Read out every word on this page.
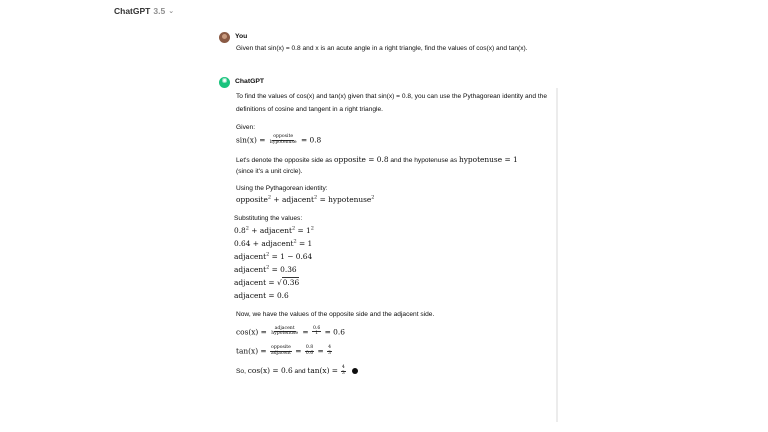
ChatGPT 3.5 ⌄
You
Given that sin(x) = 0.8 and x is an acute angle in a right triangle, find the values of cos(x) and tan(x).
✺	ChatGPT

To find the values of cos(x) and tan(x) given that sin(x) = 0.8, you can use the Pythagorean identity and the definitions of cosine and tangent in a right triangle.

Given:

$\sin(x) = \frac{\text{opposite}}{\text{hypotenuse}} = 0.8$

Let's denote the opposite side as opposite = 0.8 and the hypotenuse as hypotenuse = 1
(since it's a unit circle).

Using the Pythagorean identity:

opposite$^2$ + adjacent$^2$ = hypotenuse$^2$

Substituting the values:

$0.8^2$ + adjacent$^2$ = $1^2$
0.64 + adjacent$^2$ = 1
adjacent$^2$ = 1 − 0.64
adjacent$^2$ = 0.36
adjacent = √0.36
adjacent = 0.6

Now, we have the values of the opposite side and the adjacent side.

$\cos(x) = \frac{\text{adjacent}}{\text{hypotenuse}} = \frac{0.6}{1} = 0.6$
$\tan(x) = \frac{\text{opposite}}{\text{adjacent}} = \frac{0.8}{0.6} = \frac{4}{3}$

So, cos(x) = 0.6 and $\tan(x) = \frac{4}{3}$
